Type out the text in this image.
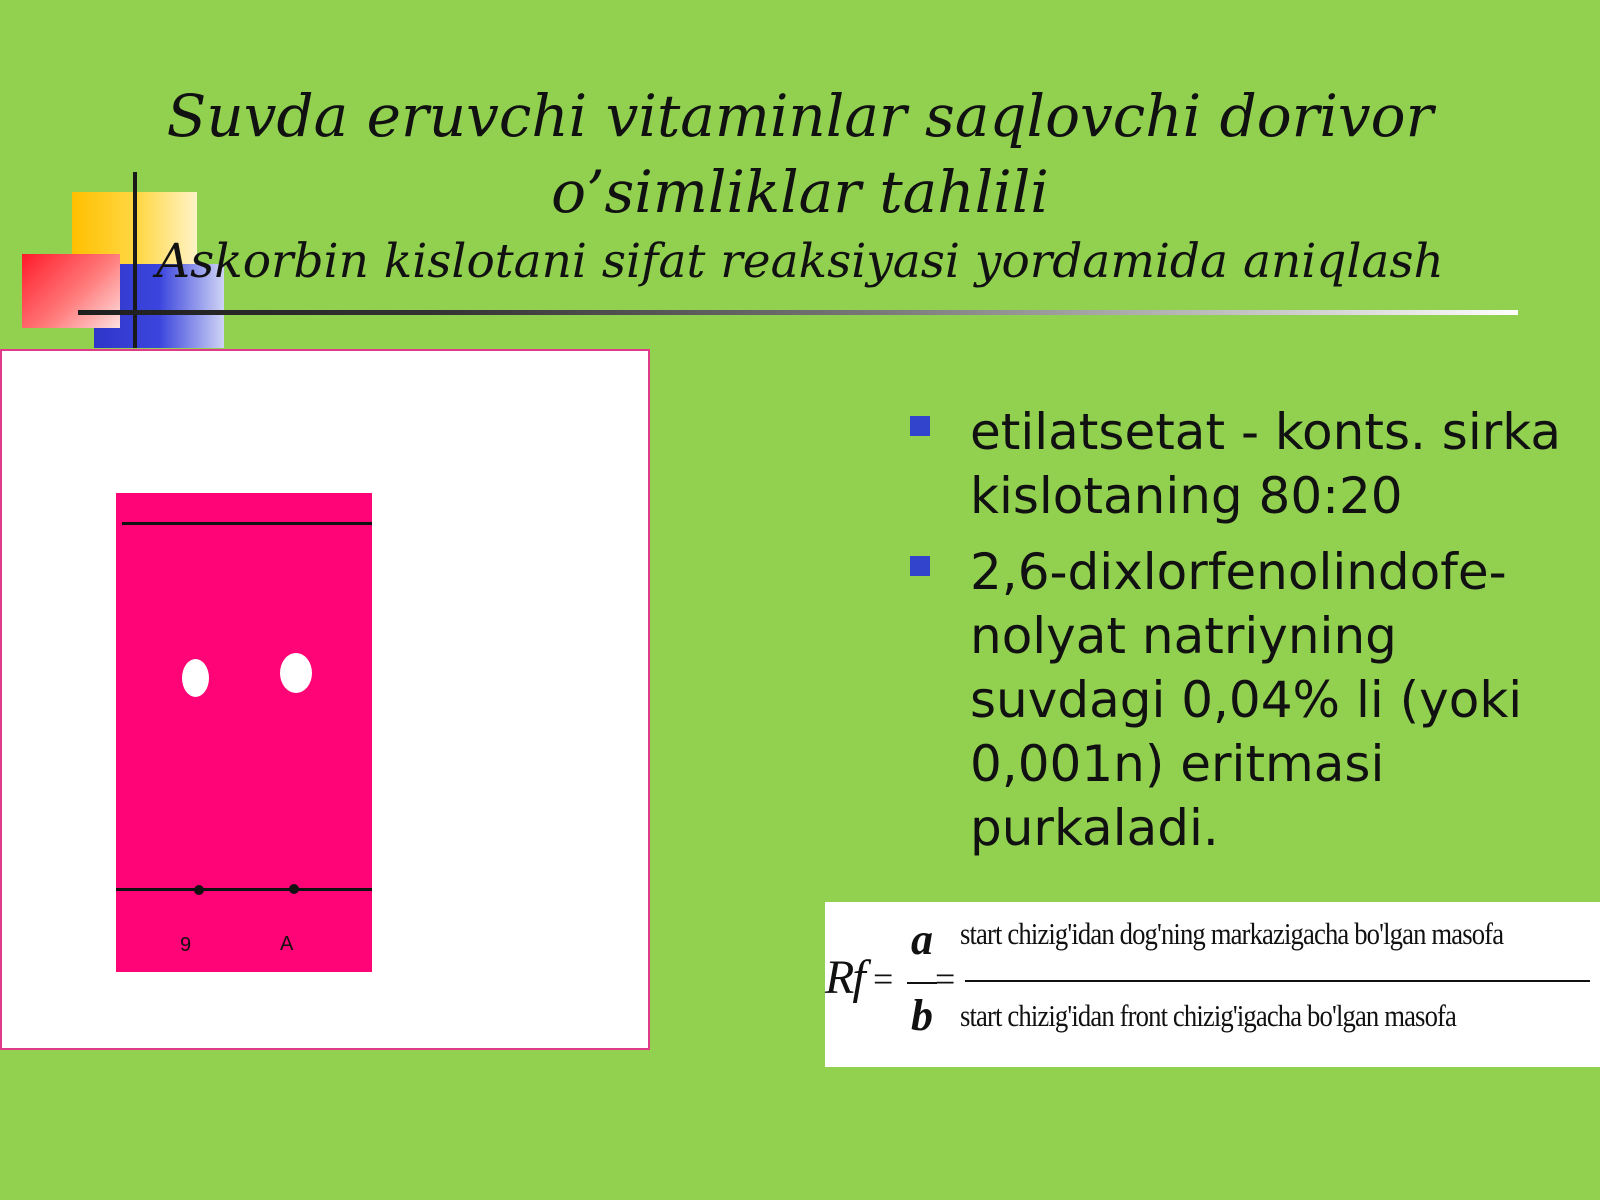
Suvda eruvchi vitaminlar saqlovchi dorivor
o’simliklar tahlili
Askorbin kislotani sifat reaksiyasi yordamida aniqlash
9	A
etilatsetat - konts. sirka kislotaning 80:20
2,6-dixlorfenolindofe-nolyat natriyning suvdagi 0,04% li (yoki 0,001n) eritmasi purkaladi.
Rf =
a
b
=
start chizig'idan dog'ning markazigacha bo'lgan masofa
start chizig'idan front chizig'igacha bo'lgan masofa
